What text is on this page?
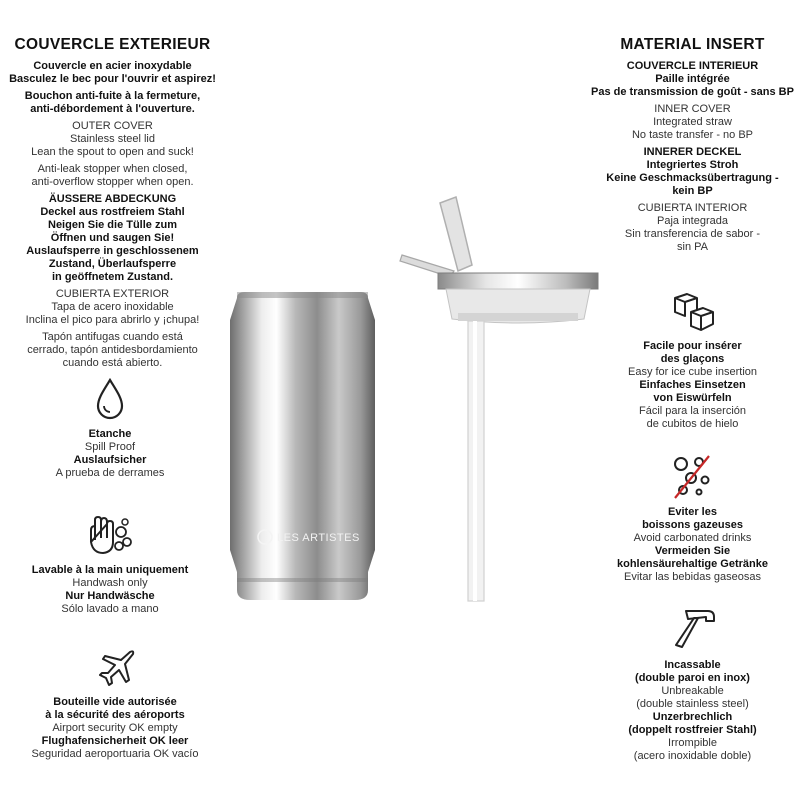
COUVERCLE EXTERIEUR
Couvercle en acier inoxydable
Basculez le bec pour l'ouvrir et aspirez!
Bouchon anti-fuite à la fermeture,
anti-débordement à l'ouverture.
OUTER COVER
Stainless steel lid
Lean the spout to open and suck!
Anti-leak stopper when closed,
anti-overflow stopper when open.
ÄUSSERE ABDECKUNG
Deckel aus rostfreiem Stahl
Neigen Sie die Tülle zum
Öffnen und saugen Sie!
Auslaufsperre in geschlossenem
Zustand, Überlaufsperre
in geöffnetem Zustand.
CUBIERTA EXTERIOR
Tapa de acero inoxidable
Inclina el pico para abrirlo y ¡chupa!
Tapón antifugas cuando está
cerrado, tapón antidesbordamiento
cuando está abierto.
MATERIAL INSERT
COUVERCLE INTERIEUR
Paille intégrée
Pas de transmission de goût - sans BP
INNER COVER
Integrated straw
No taste transfer - no BP
INNERER DECKEL
Integriertes Stroh
Keine Geschmacksübertragung -
kein BP
CUBIERTA INTERIOR
Paja integrada
Sin transferencia de sabor -
sin PA
Etanche
Spill Proof
Auslaufsicher
A prueba de derrames
Lavable à la main uniquement
Handwash only
Nur Handwäsche
Sólo lavado a mano
Bouteille vide autorisée
à la sécurité des aéroports
Airport security OK empty
Flughafensicherheit OK leer
Seguridad aeroportuaria OK vacío
Facile pour insérer
des glaçons
Easy for ice cube insertion
Einfaches Einsetzen
von Eiswürfeln
Fácil para la inserción
de cubitos de hielo
Eviter les
boissons gazeuses
Avoid carbonated drinks
Vermeiden Sie
kohlensäurehaltige Getränke
Evitar las bebidas gaseosas
Incassable
(double paroi en inox)
Unbreakable
(double stainless steel)
Unzerbrechlich
(doppelt rostfreier Stahl)
Irrompible
(acero inoxidable doble)
LES ARTISTES
